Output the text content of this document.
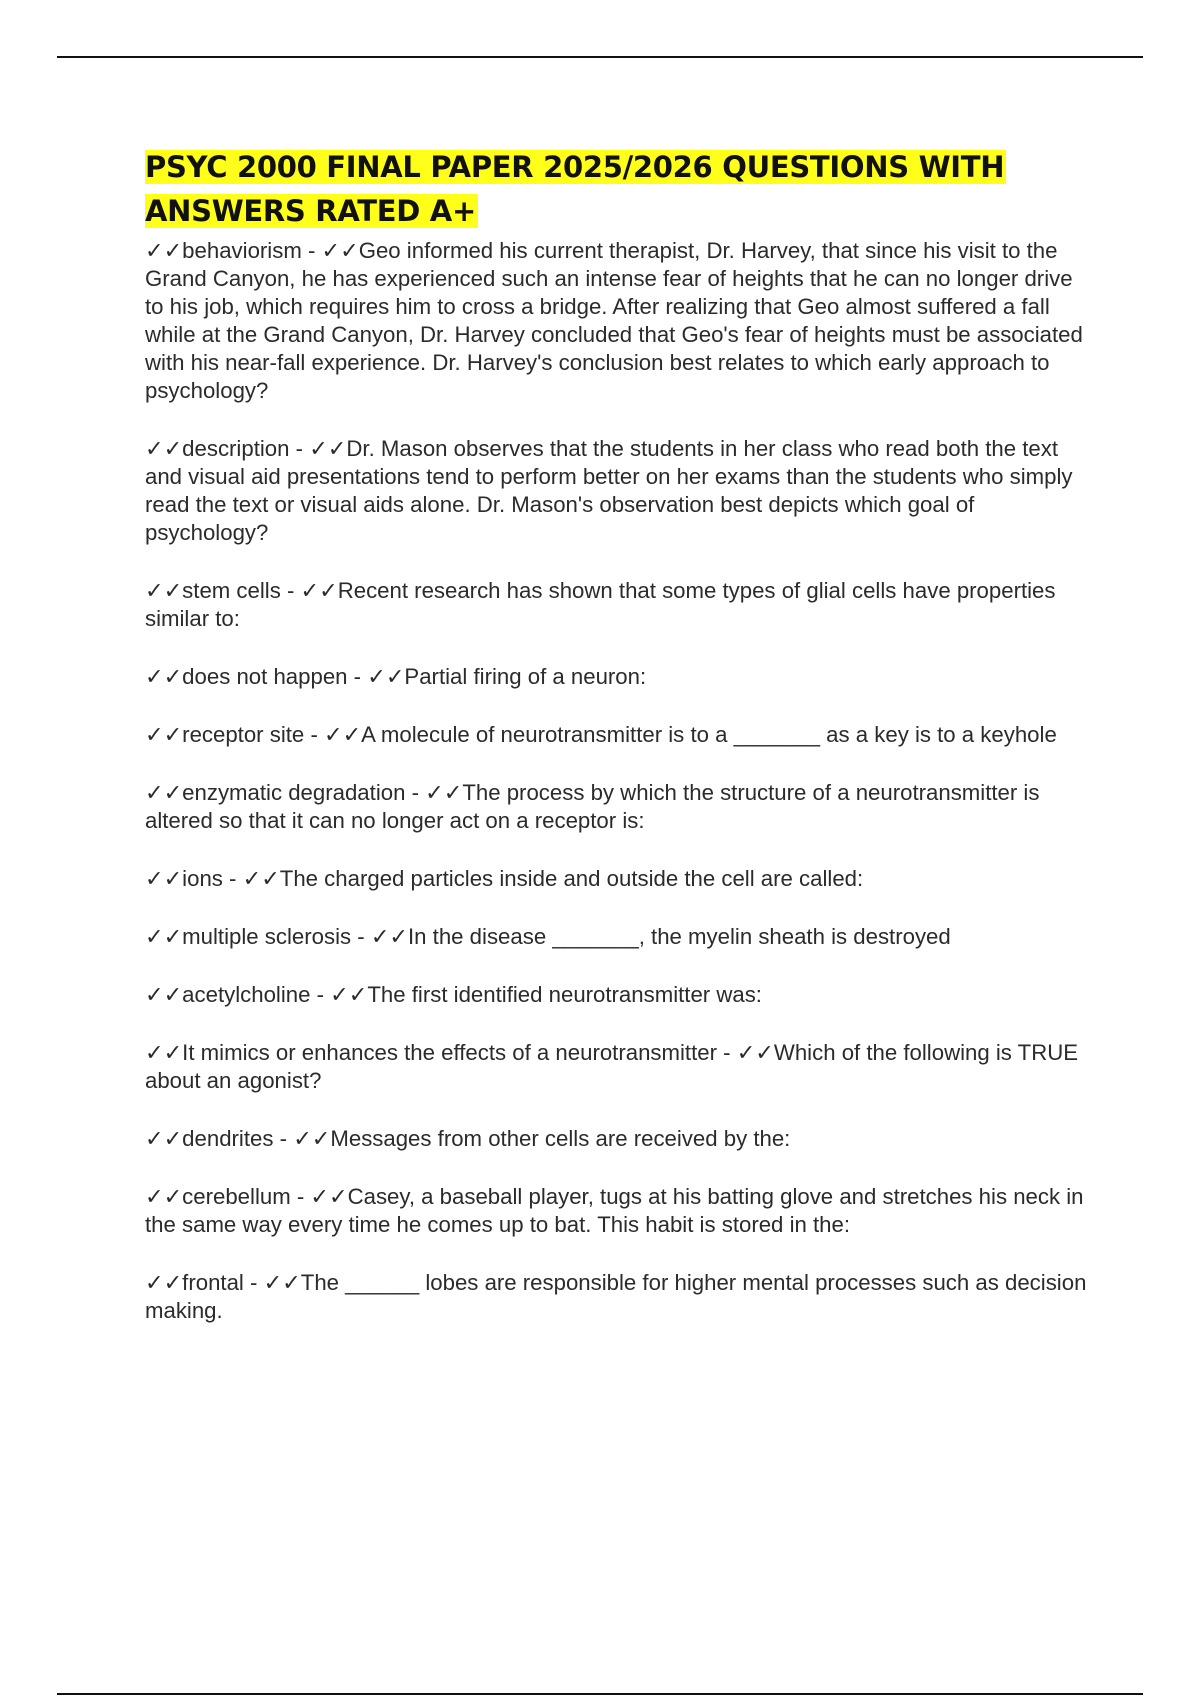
PSYC 2000 FINAL PAPER 2025/2026 QUESTIONS WITH ANSWERS RATED A+

✓✓behaviorism - ✓✓Geo informed his current therapist, Dr. Harvey, that since his visit to the Grand Canyon, he has experienced such an intense fear of heights that he can no longer drive to his job, which requires him to cross a bridge. After realizing that Geo almost suffered a fall while at the Grand Canyon, Dr. Harvey concluded that Geo's fear of heights must be associated with his near-fall experience. Dr. Harvey's conclusion best relates to which early approach to psychology?

✓✓description - ✓✓Dr. Mason observes that the students in her class who read both the text and visual aid presentations tend to perform better on her exams than the students who simply read the text or visual aids alone. Dr. Mason's observation best depicts which goal of psychology?

✓✓stem cells - ✓✓Recent research has shown that some types of glial cells have properties similar to:

✓✓does not happen - ✓✓Partial firing of a neuron:

✓✓receptor site - ✓✓A molecule of neurotransmitter is to a _______ as a key is to a keyhole

✓✓enzymatic degradation - ✓✓The process by which the structure of a neurotransmitter is altered so that it can no longer act on a receptor is:

✓✓ions - ✓✓The charged particles inside and outside the cell are called:

✓✓multiple sclerosis - ✓✓In the disease _______, the myelin sheath is destroyed

✓✓acetylcholine - ✓✓The first identified neurotransmitter was:

✓✓It mimics or enhances the effects of a neurotransmitter - ✓✓Which of the following is TRUE about an agonist?

✓✓dendrites - ✓✓Messages from other cells are received by the:

✓✓cerebellum - ✓✓Casey, a baseball player, tugs at his batting glove and stretches his neck in the same way every time he comes up to bat. This habit is stored in the:

✓✓frontal - ✓✓The ______ lobes are responsible for higher mental processes such as decision making.
